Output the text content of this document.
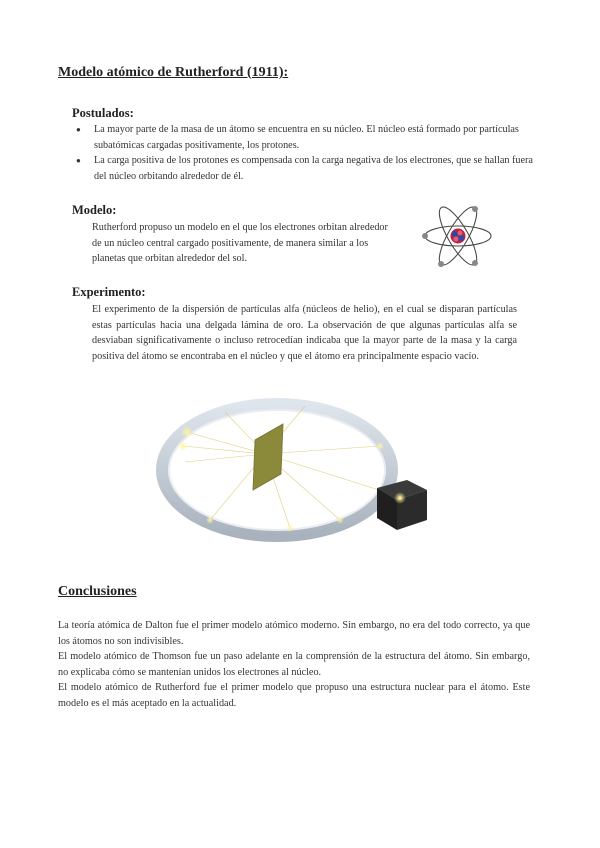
Modelo atómico de Rutherford (1911):
Postulados:
● La mayor parte de la masa de un átomo se encuentra en su núcleo. El núcleo está formado por partículas subatómicas cargadas positivamente, los protones.
● La carga positiva de los protones es compensada con la carga negativa de los electrones, que se hallan fuera del núcleo orbitando alrededor de él.
Modelo:
Rutherford propuso un modelo en el que los electrones orbitan alrededor de un núcleo central cargado positivamente, de manera similar a los planetas que orbitan alrededor del sol.
Experimento:
El experimento de la dispersión de partículas alfa (núcleos de helio), en el cual se disparan partículas estas partículas hacia una delgada lámina de oro. La observación de que algunas partículas alfa se desviaban significativamente o incluso retrocedían indicaba que la mayor parte de la masa y la carga positiva del átomo se encontraba en el núcleo y que el átomo era principalmente espacio vacío.
Conclusiones
La teoría atómica de Dalton fue el primer modelo atómico moderno. Sin embargo, no era del todo correcto, ya que los átomos no son indivisibles.
El modelo atómico de Thomson fue un paso adelante en la comprensión de la estructura del átomo. Sin embargo, no explicaba cómo se mantenían unidos los electrones al núcleo.
El modelo atómico de Rutherford fue el primer modelo que propuso una estructura nuclear para el átomo. Este modelo es el más aceptado en la actualidad.
